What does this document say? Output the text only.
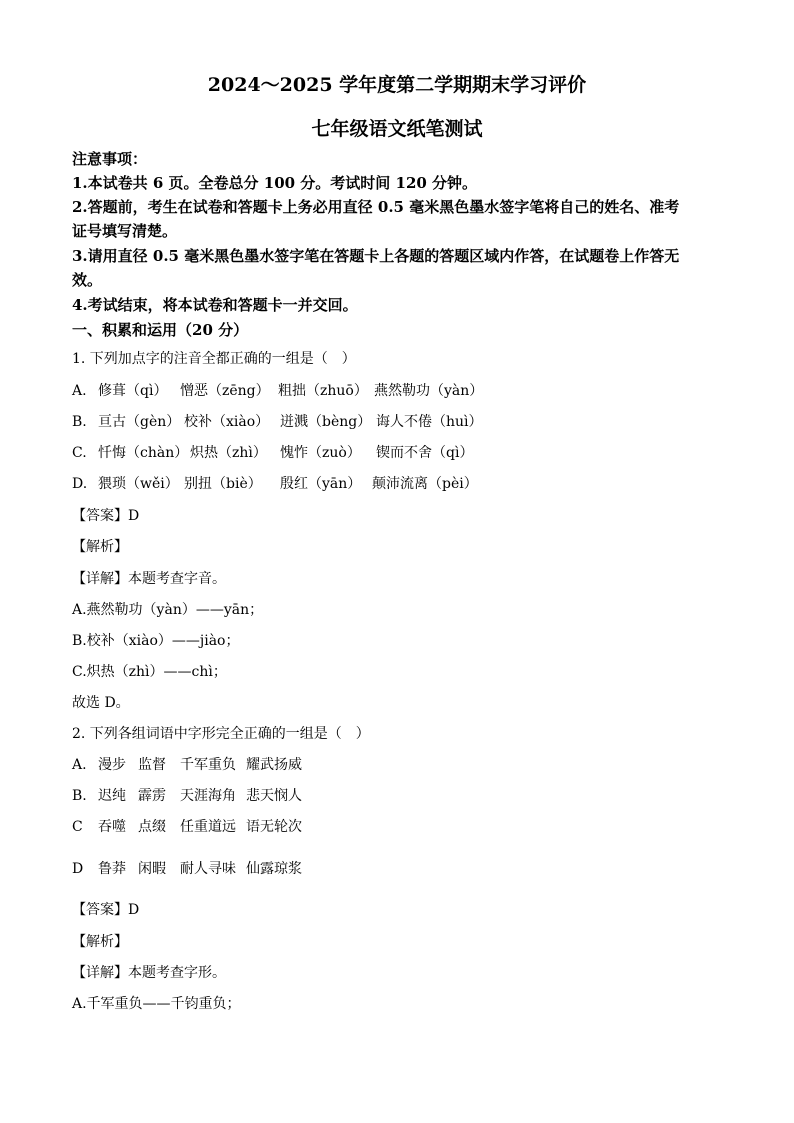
2024～2025 学年度第二学期期末学习评价
七年级语文纸笔测试
注意事项：
1.本试卷共 6 页。全卷总分 100 分。考试时间 120 分钟。
2.答题前，考生在试卷和答题卡上务必用直径 0.5 毫米黑色墨水签字笔将自己的姓名、准考
证号填写清楚。
3.请用直径 0.5 毫米黑色墨水签字笔在答题卡上各题的答题区域内作答，在试题卷上作答无
效。
4.考试结束，将本试卷和答题卡一并交回。
一、积累和运用（20 分）
1. 下列加点字的注音全都正确的一组是（　）
A. 修葺（qì） 憎恶（zēng） 粗拙（zhuō） 燕然勒功（yàn）
B. 亘古（gèn） 校补（xiào） 迸溅（bèng） 诲人不倦（huì）
C. 忏悔（chàn） 炽热（zhì） 愧怍（zuò） 锲而不舍（qì）
D. 猥琐（wěi） 别扭（biè） 殷红（yān） 颠沛流离（pèi）
【答案】D
【解析】
【详解】本题考查字音。
A.燕然勒功（yàn）——yān；
B.校补（xiào）——jiào；
C.炽热（zhì）——chì；
故选 D。
2. 下列各组词语中字形完全正确的一组是（　）
A. 漫步 监督 千军重负 耀武扬威
B. 迟纯 霹雳 天涯海角 悲天悯人
C 吞噬 点缀 任重道远 语无轮次
D 鲁莽 闲暇 耐人寻味 仙露琼浆
【答案】D
【解析】
【详解】本题考查字形。
A.千军重负——千钧重负；
